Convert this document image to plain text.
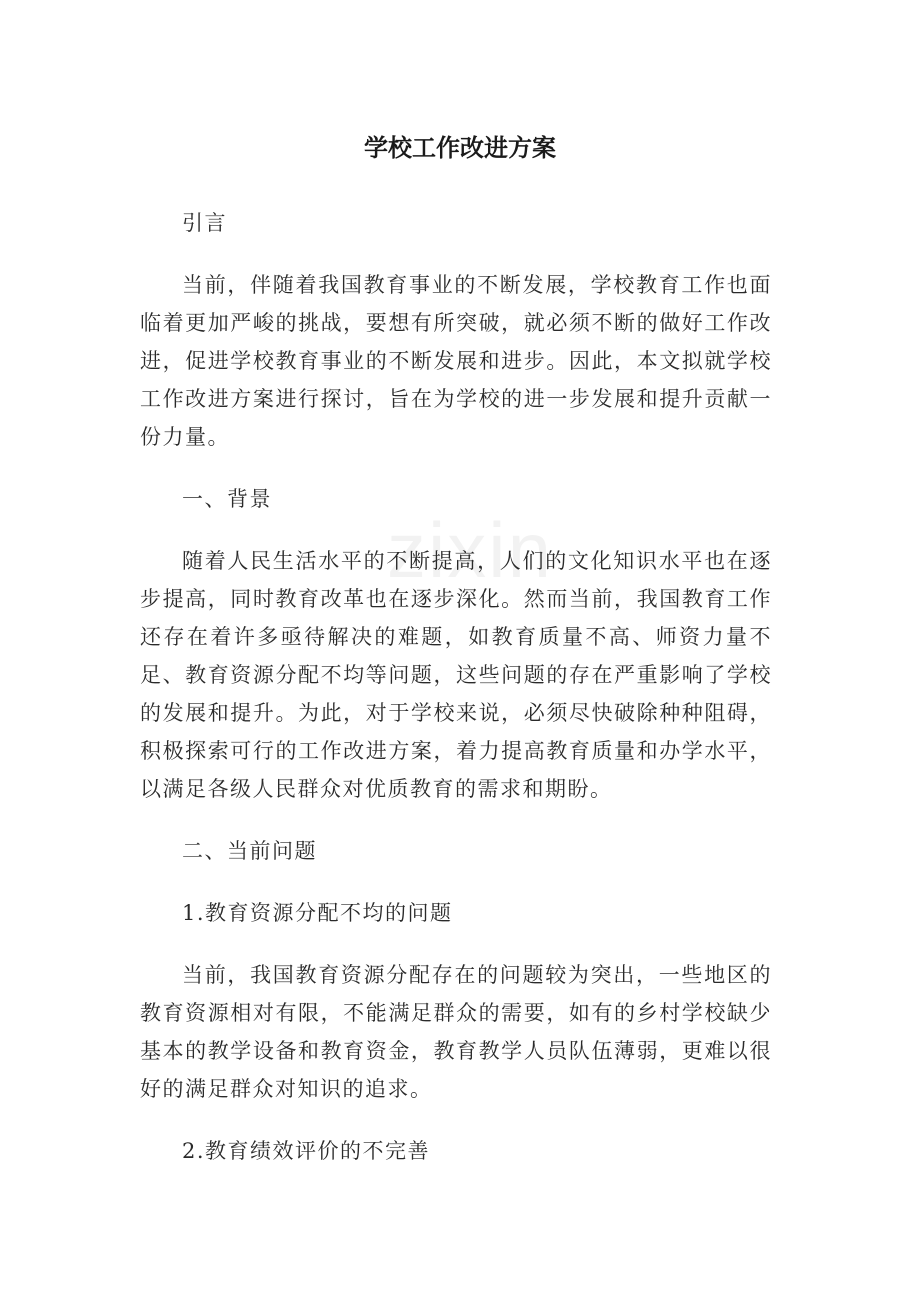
zixin
学校工作改进方案

引言

当前，伴随着我国教育事业的不断发展，学校教育工作也面临着更加严峻的挑战，要想有所突破，就必须不断的做好工作改进，促进学校教育事业的不断发展和进步。因此，本文拟就学校工作改进方案进行探讨，旨在为学校的进一步发展和提升贡献一份力量。

一、背景

随着人民生活水平的不断提高，人们的文化知识水平也在逐步提高，同时教育改革也在逐步深化。然而当前，我国教育工作还存在着许多亟待解决的难题，如教育质量不高、师资力量不足、教育资源分配不均等问题，这些问题的存在严重影响了学校的发展和提升。为此，对于学校来说，必须尽快破除种种阻碍，积极探索可行的工作改进方案，着力提高教育质量和办学水平，以满足各级人民群众对优质教育的需求和期盼。

二、当前问题

1.教育资源分配不均的问题

当前，我国教育资源分配存在的问题较为突出，一些地区的教育资源相对有限，不能满足群众的需要，如有的乡村学校缺少基本的教学设备和教育资金，教育教学人员队伍薄弱，更难以很好的满足群众对知识的追求。

2.教育绩效评价的不完善
